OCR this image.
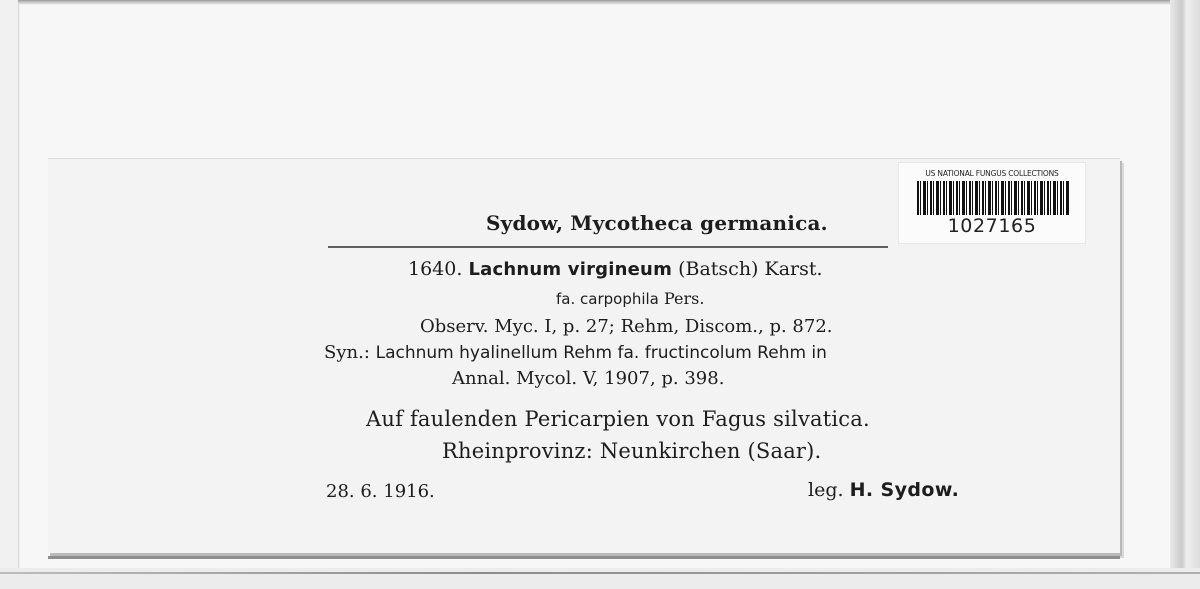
Sydow, Mycotheca germanica.
1640. Lachnum virgineum (Batsch) Karst.
fa. carpophila Pers.
Observ. Myc. I, p. 27; Rehm, Discom., p. 872.
Syn.: Lachnum hyalinellum Rehm fa. fructincolum Rehm in
Annal. Mycol. V, 1907, p. 398.
Auf faulenden Pericarpien von Fagus silvatica.
Rheinprovinz: Neunkirchen (Saar).
28. 6. 1916.	leg. H. Sydow.
US NATIONAL FUNGUS COLLECTIONS
1027165
